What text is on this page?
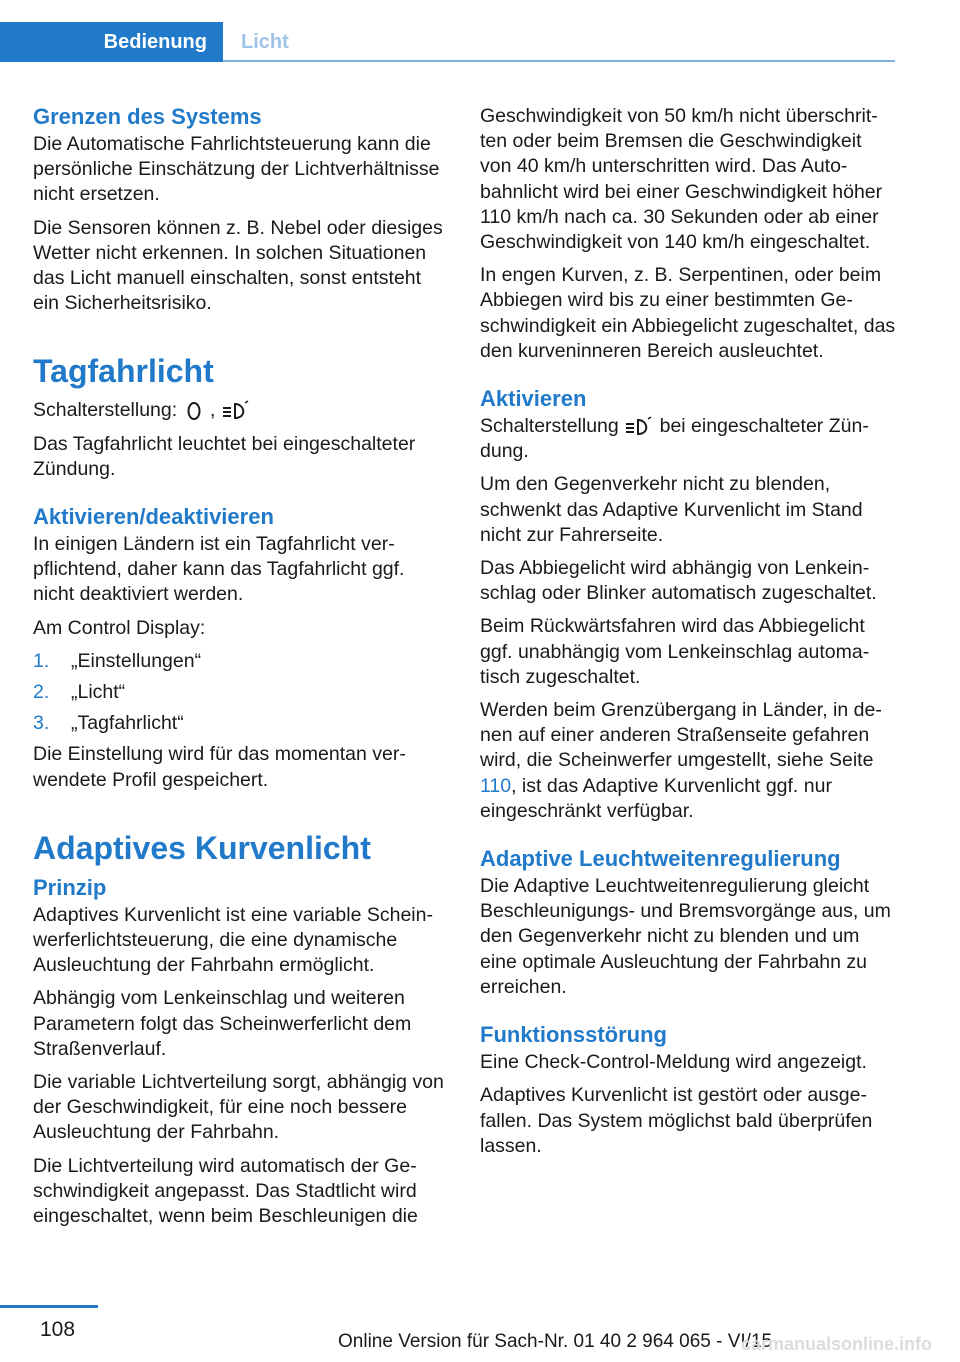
Bedienung	Licht
Grenzen des Systems

Die Automatische Fahrlichtsteuerung kann die persönliche Einschätzung der Lichtverhältnisse nicht ersetzen.

Die Sensoren können z. B. Nebel oder diesiges Wetter nicht erkennen. In solchen Situationen das Licht manuell einschalten, sonst entsteht ein Sicherheitsrisiko.

Tagfahrlicht

Schalterstellung: ,

Das Tagfahrlicht leuchtet bei eingeschalteter Zündung.

Aktivieren/deaktivieren

In einigen Ländern ist ein Tagfahrlicht verpflichtend, daher kann das Tagfahrlicht ggf. nicht deaktiviert werden.

Am Control Display:

1.	„Einstellungen“
2.	„Licht“
3.	„Tagfahrlicht“

Die Einstellung wird für das momentan verwendete Profil gespeichert.

Adaptives Kurvenlicht
Prinzip

Adaptives Kurvenlicht ist eine variable Scheinwerferlichtsteuerung, die eine dynamische Ausleuchtung der Fahrbahn ermöglicht.

Abhängig vom Lenkeinschlag und weiteren Parametern folgt das Scheinwerferlicht dem Straßenverlauf.

Die variable Lichtverteilung sorgt, abhängig von der Geschwindigkeit, für eine noch bessere Ausleuchtung der Fahrbahn.

Die Lichtverteilung wird automatisch der Geschwindigkeit angepasst. Das Stadtlicht wird eingeschaltet, wenn beim Beschleunigen die

Geschwindigkeit von 50 km/h nicht überschritten oder beim Bremsen die Geschwindigkeit von 40 km/h unterschritten wird. Das Autobahnlicht wird bei einer Geschwindigkeit höher 110 km/h nach ca. 30 Sekunden oder ab einer Geschwindigkeit von 140 km/h eingeschaltet.

In engen Kurven, z. B. Serpentinen, oder beim Abbiegen wird bis zu einer bestimmten Geschwindigkeit ein Abbiegelicht zugeschaltet, das den kurveninneren Bereich ausleuchtet.

Aktivieren

Schalterstellung bei eingeschalteter Zündung.

Um den Gegenverkehr nicht zu blenden, schwenkt das Adaptive Kurvenlicht im Stand nicht zur Fahrerseite.

Das Abbiegelicht wird abhängig von Lenkeinschlag oder Blinker automatisch zugeschaltet.

Beim Rückwärtsfahren wird das Abbiegelicht ggf. unabhängig vom Lenkeinschlag automatisch zugeschaltet.

Werden beim Grenzübergang in Länder, in denen auf einer anderen Straßenseite gefahren wird, die Scheinwerfer umgestellt, siehe Seite 110, ist das Adaptive Kurvenlicht ggf. nur eingeschränkt verfügbar.

Adaptive Leuchtweitenregulierung

Die Adaptive Leuchtweitenregulierung gleicht Beschleunigungs- und Bremsvorgänge aus, um den Gegenverkehr nicht zu blenden und um eine optimale Ausleuchtung der Fahrbahn zu erreichen.

Funktionsstörung

Eine Check-Control-Meldung wird angezeigt.

Adaptives Kurvenlicht ist gestört oder ausgefallen. Das System möglichst bald überprüfen lassen.

108
Online Version für Sach-Nr. 01 40 2 964 065 - VI/15
carmanualsonline.info
